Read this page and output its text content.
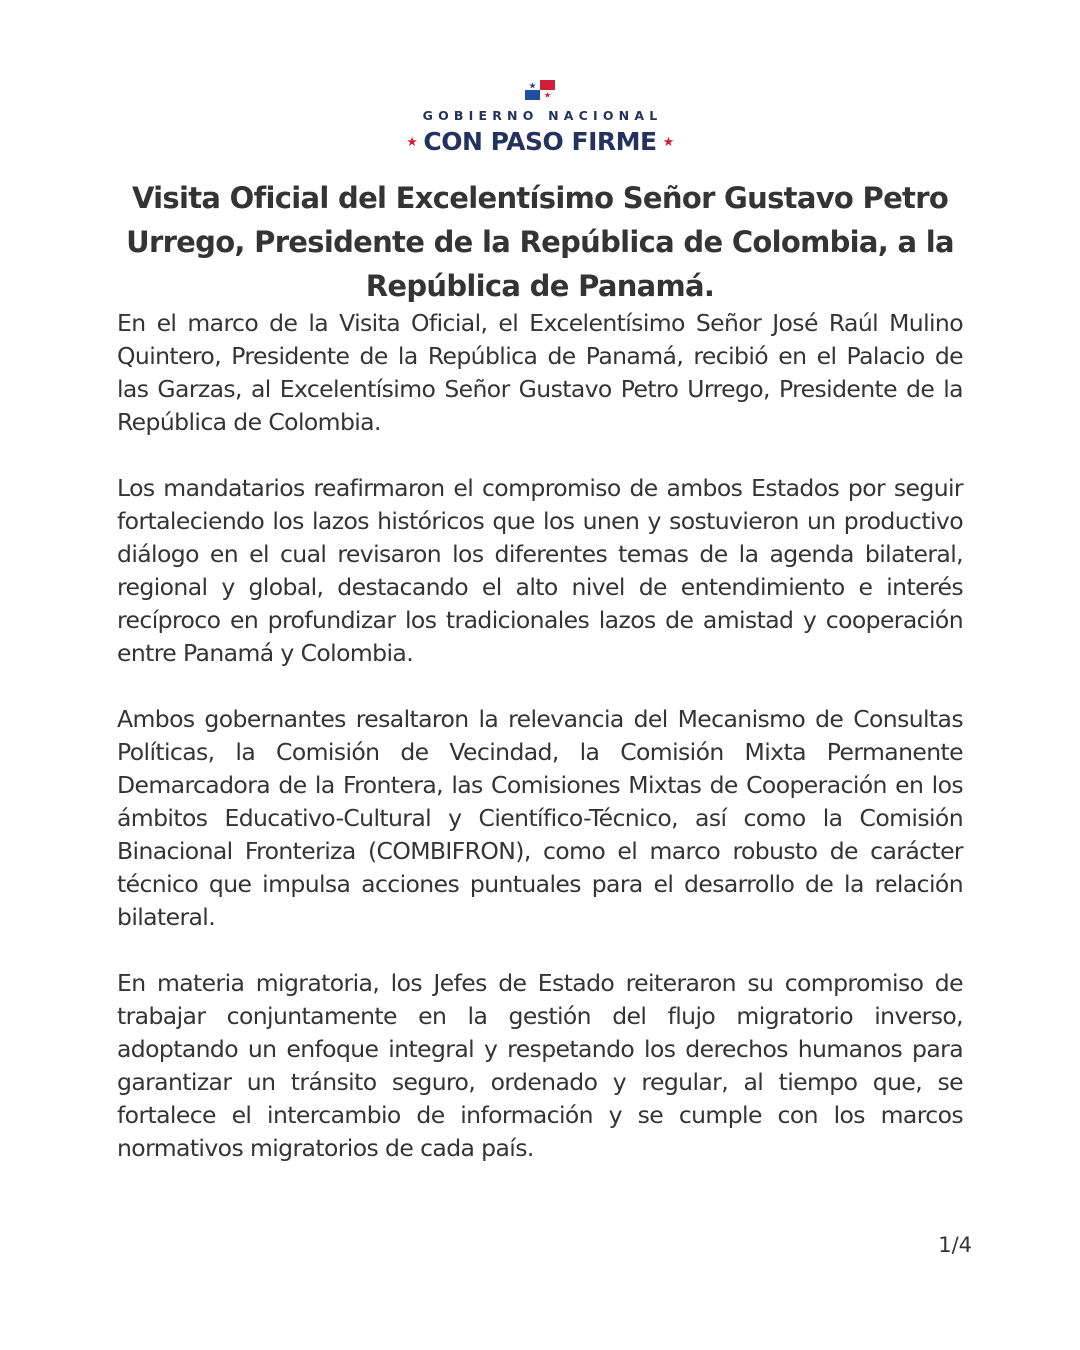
GOBIERNO NACIONAL
★ CON PASO FIRME ★
Visita Oficial del Excelentísimo Señor Gustavo Petro Urrego, Presidente de la República de Colombia, a la República de Panamá.

En el marco de la Visita Oficial, el Excelentísimo Señor José Raúl Mulino Quintero, Presidente de la República de Panamá, recibió en el Palacio de las Garzas, al Excelentísimo Señor Gustavo Petro Urrego, Presidente de la República de Colombia.

Los mandatarios reafirmaron el compromiso de ambos Estados por seguir fortaleciendo los lazos históricos que los unen y sostuvieron un productivo diálogo en el cual revisaron los diferentes temas de la agenda bilateral, regional y global, destacando el alto nivel de entendimiento e interés recíproco en profundizar los tradicionales lazos de amistad y cooperación entre Panamá y Colombia.

Ambos gobernantes resaltaron la relevancia del Mecanismo de Consultas Políticas, la Comisión de Vecindad, la Comisión Mixta Permanente Demarcadora de la Frontera, las Comisiones Mixtas de Cooperación en los ámbitos Educativo-Cultural y Científico-Técnico, así como la Comisión Binacional Fronteriza (COMBIFRON), como el marco robusto de carácter técnico que impulsa acciones puntuales para el desarrollo de la relación bilateral.

En materia migratoria, los Jefes de Estado reiteraron su compromiso de trabajar conjuntamente en la gestión del flujo migratorio inverso, adoptando un enfoque integral y respetando los derechos humanos para garantizar un tránsito seguro, ordenado y regular, al tiempo que, se fortalece el intercambio de información y se cumple con los marcos normativos migratorios de cada país.

1/4
